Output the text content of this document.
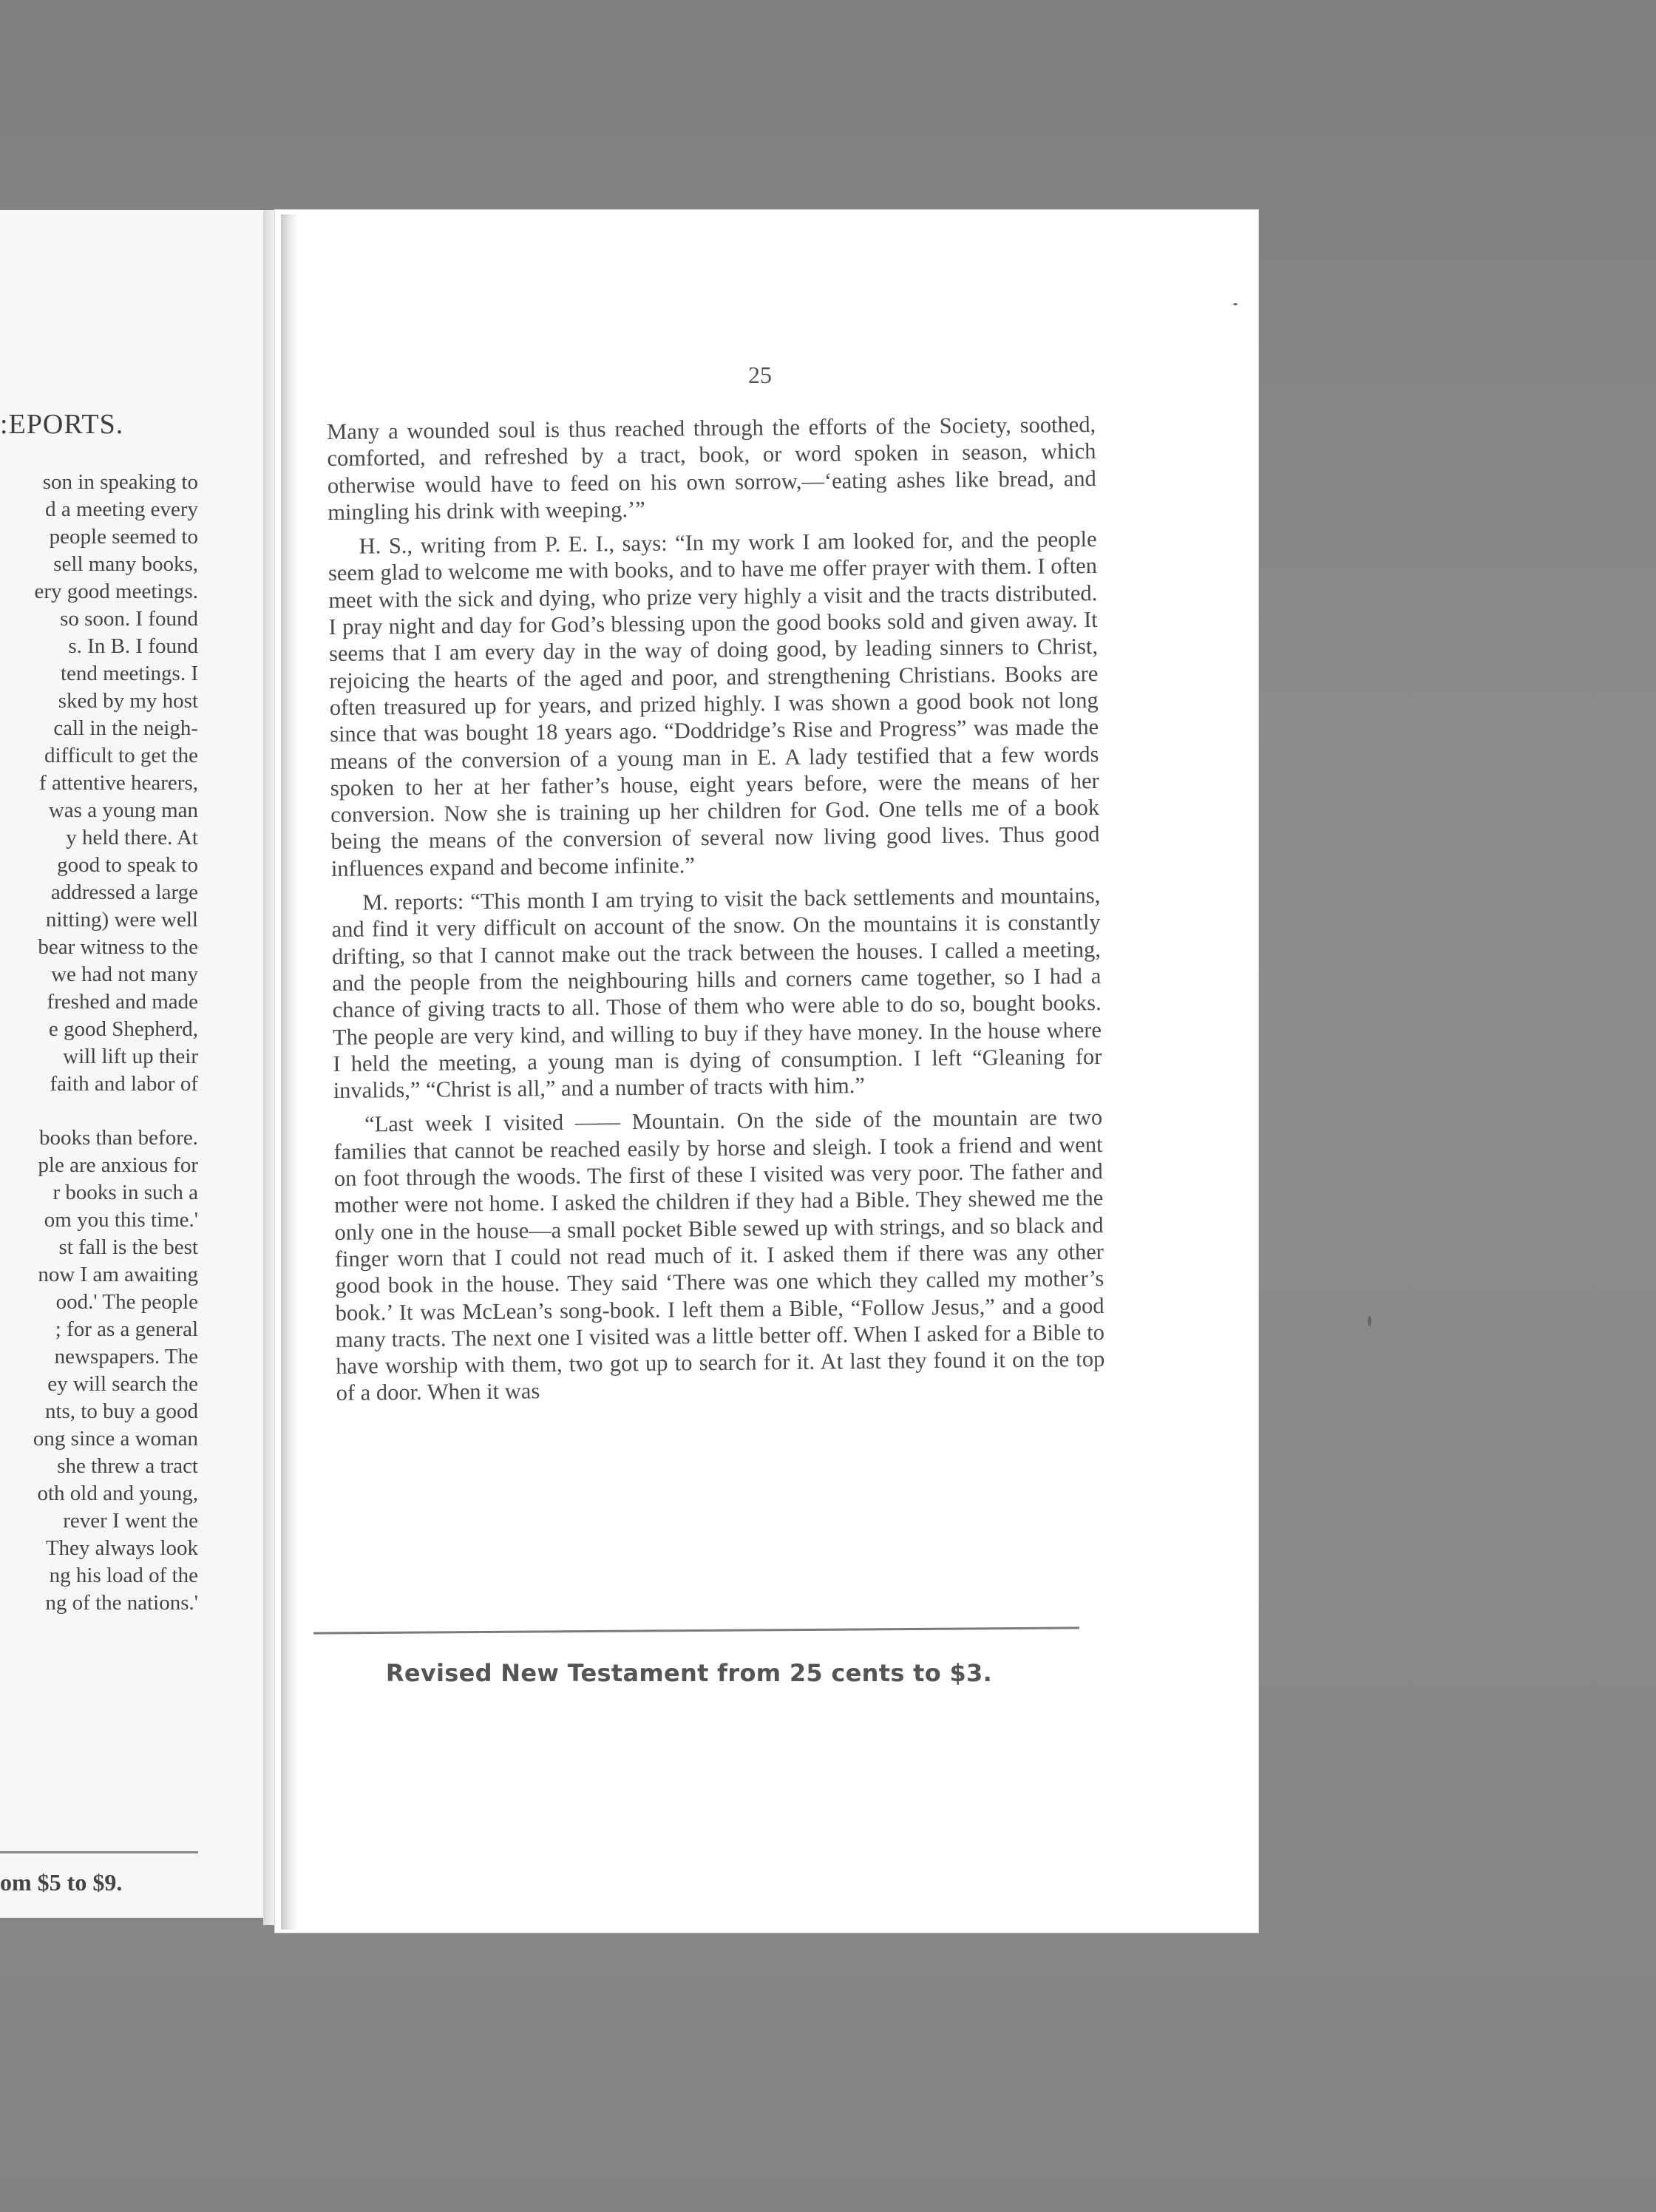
:EPORTS.
son in speaking to
d a meeting every
people seemed to
sell many books,
ery good meetings.
so soon. I found
s. In B. I found
tend meetings. I
sked by my host
call in the neigh-
difficult to get the
f attentive hearers,
was a young man
y held there. At
good to speak to
addressed a large
nitting) were well
bear witness to the
we had not many
freshed and made
e good Shepherd,
will lift up their
faith and labor of
books than before.
ple are anxious for
r books in such a
om you this time.'
st fall is the best
now I am awaiting
ood.' The people
; for as a general
newspapers. The
ey will search the
nts, to buy a good
ong since a woman
she threw a tract
oth old and young,
rever I went the
They always look
ng his load of the
ng of the nations.'
om $5 to $9.
25

Many a wounded soul is thus reached through the efforts of the Society, soothed, comforted, and refreshed by a tract, book, or word spoken in season, which otherwise would have to feed on his own sorrow,—‘eating ashes like bread, and mingling his drink with weeping.’”

H. S., writing from P. E. I., says: “In my work I am looked for, and the people seem glad to welcome me with books, and to have me offer prayer with them. I often meet with the sick and dying, who prize very highly a visit and the tracts distributed. I pray night and day for God’s blessing upon the good books sold and given away. It seems that I am every day in the way of doing good, by leading sinners to Christ, rejoicing the hearts of the aged and poor, and strengthening Christians. Books are often treasured up for years, and prized highly. I was shown a good book not long since that was bought 18 years ago. “Doddridge’s Rise and Progress” was made the means of the conversion of a young man in E. A lady testified that a few words spoken to her at her father’s house, eight years before, were the means of her conversion. Now she is training up her children for God. One tells me of a book being the means of the conversion of several now living good lives. Thus good influences expand and become infinite.”

M. reports: “This month I am trying to visit the back settlements and mountains, and find it very difficult on account of the snow. On the mountains it is constantly drifting, so that I cannot make out the track between the houses. I called a meeting, and the people from the neighbouring hills and corners came together, so I had a chance of giving tracts to all. Those of them who were able to do so, bought books. The people are very kind, and willing to buy if they have money. In the house where I held the meeting, a young man is dying of consumption. I left “Gleaning for invalids,” “Christ is all,” and a number of tracts with him.”

“Last week I visited —— Mountain. On the side of the mountain are two families that cannot be reached easily by horse and sleigh. I took a friend and went on foot through the woods. The first of these I visited was very poor. The father and mother were not home. I asked the children if they had a Bible. They shewed me the only one in the house—a small pocket Bible sewed up with strings, and so black and finger worn that I could not read much of it. I asked them if there was any other good book in the house. They said ‘There was one which they called my mother’s book.’ It was McLean’s song-book. I left them a Bible, “Follow Jesus,” and a good many tracts. The next one I visited was a little better off. When I asked for a Bible to have worship with them, two got up to search for it. At last they found it on the top of a door. When it was

Revised New Testament from 25 cents to $3.
